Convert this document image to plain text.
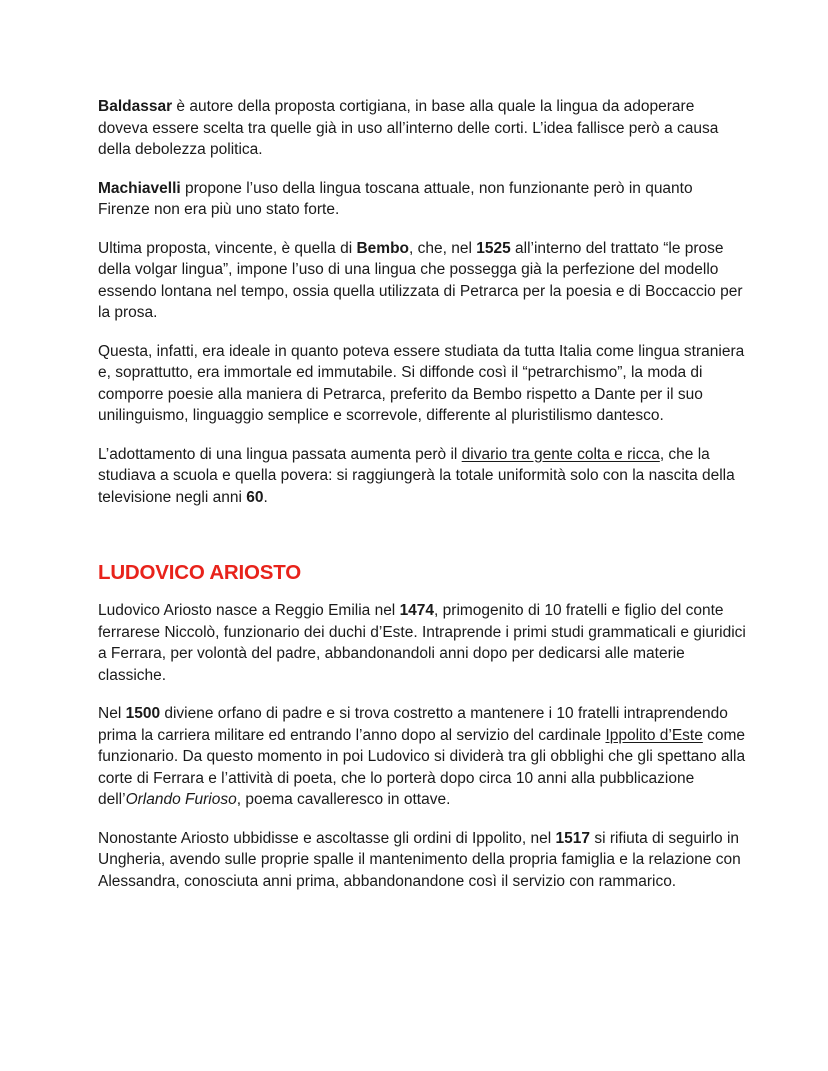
Baldassar è autore della proposta cortigiana, in base alla quale la lingua da adoperare doveva essere scelta tra quelle già in uso all’interno delle corti. L’idea fallisce però a causa della debolezza politica.

Machiavelli propone l’uso della lingua toscana attuale, non funzionante però in quanto Firenze non era più uno stato forte.

Ultima proposta, vincente, è quella di Bembo, che, nel 1525 all’interno del trattato “le prose della volgar lingua”, impone l’uso di una lingua che possegga già la perfezione del modello essendo lontana nel tempo, ossia quella utilizzata di Petrarca per la poesia e di Boccaccio per la prosa.

Questa, infatti, era ideale in quanto poteva essere studiata da tutta Italia come lingua straniera e, soprattutto, era immortale ed immutabile. Si diffonde così il “petrarchismo”, la moda di comporre poesie alla maniera di Petrarca, preferito da Bembo rispetto a Dante per il suo unilinguismo, linguaggio semplice e scorrevole, differente al pluristilismo dantesco.

L’adottamento di una lingua passata aumenta però il divario tra gente colta e ricca, che la studiava a scuola e quella povera: si raggiungerà la totale uniformità solo con la nascita della televisione negli anni 60.

LUDOVICO ARIOSTO

Ludovico Ariosto nasce a Reggio Emilia nel 1474, primogenito di 10 fratelli e figlio del conte ferrarese Niccolò, funzionario dei duchi d’Este. Intraprende i primi studi grammaticali e giuridici a Ferrara, per volontà del padre, abbandonandoli anni dopo per dedicarsi alle materie classiche.

Nel 1500 diviene orfano di padre e si trova costretto a mantenere i 10 fratelli intraprendendo prima la carriera militare ed entrando l’anno dopo al servizio del cardinale Ippolito d’Este come funzionario. Da questo momento in poi Ludovico si dividerà tra gli obblighi che gli spettano alla corte di Ferrara e l’attività di poeta, che lo porterà dopo circa 10 anni alla pubblicazione dell’Orlando Furioso, poema cavalleresco in ottave.

Nonostante Ariosto ubbidisse e ascoltasse gli ordini di Ippolito, nel 1517 si rifiuta di seguirlo in Ungheria, avendo sulle proprie spalle il mantenimento della propria famiglia e la relazione con Alessandra, conosciuta anni prima, abbandonandone così il servizio con rammarico.
